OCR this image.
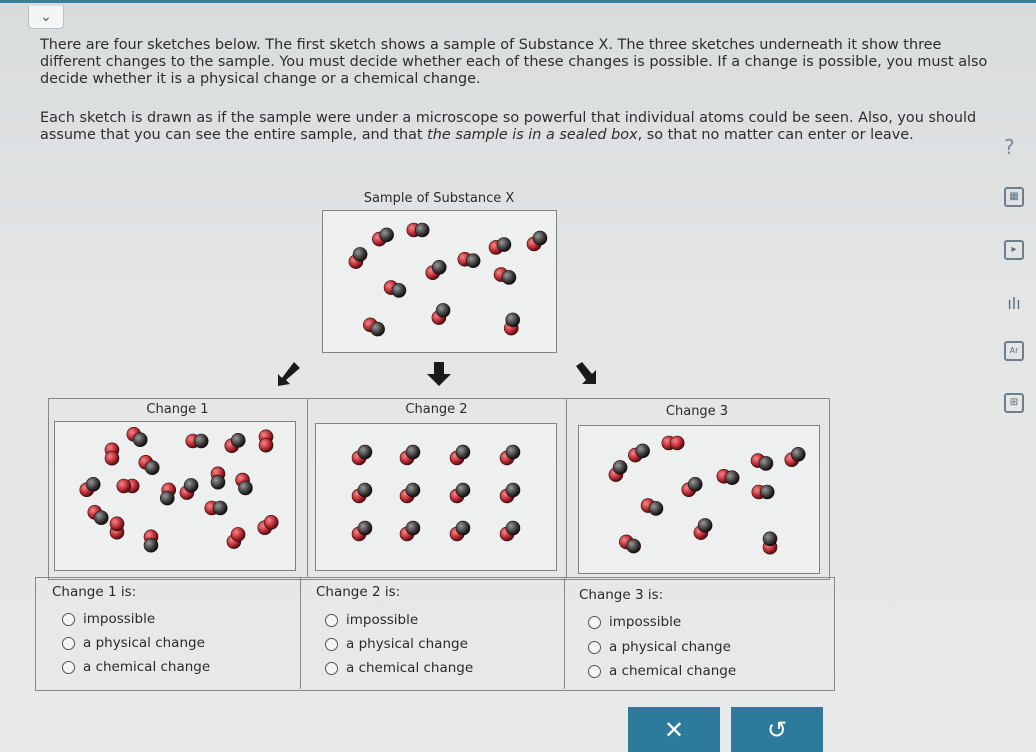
⌄
There are four sketches below. The first sketch shows a sample of Substance X. The three sketches underneath it show three different changes to the sample. You must decide whether each of these changes is possible. If a change is possible, you must also decide whether it is a physical change or a chemical change.
Each sketch is drawn as if the sample were under a microscope so powerful that individual atoms could be seen. Also, you should assume that you can see the entire sample, and that the sample is in a sealed box, so that no matter can enter or leave.	?
▦
▸
ılı
Ar
⊞
Sample of Substance X
Change 1	Change 2	Change 3
Change 1 is:	Change 2 is:	Change 3 is:
impossible
a physical change
a chemical change
impossible
a physical change
a chemical change
impossible
a physical change
a chemical change
✕	↺
